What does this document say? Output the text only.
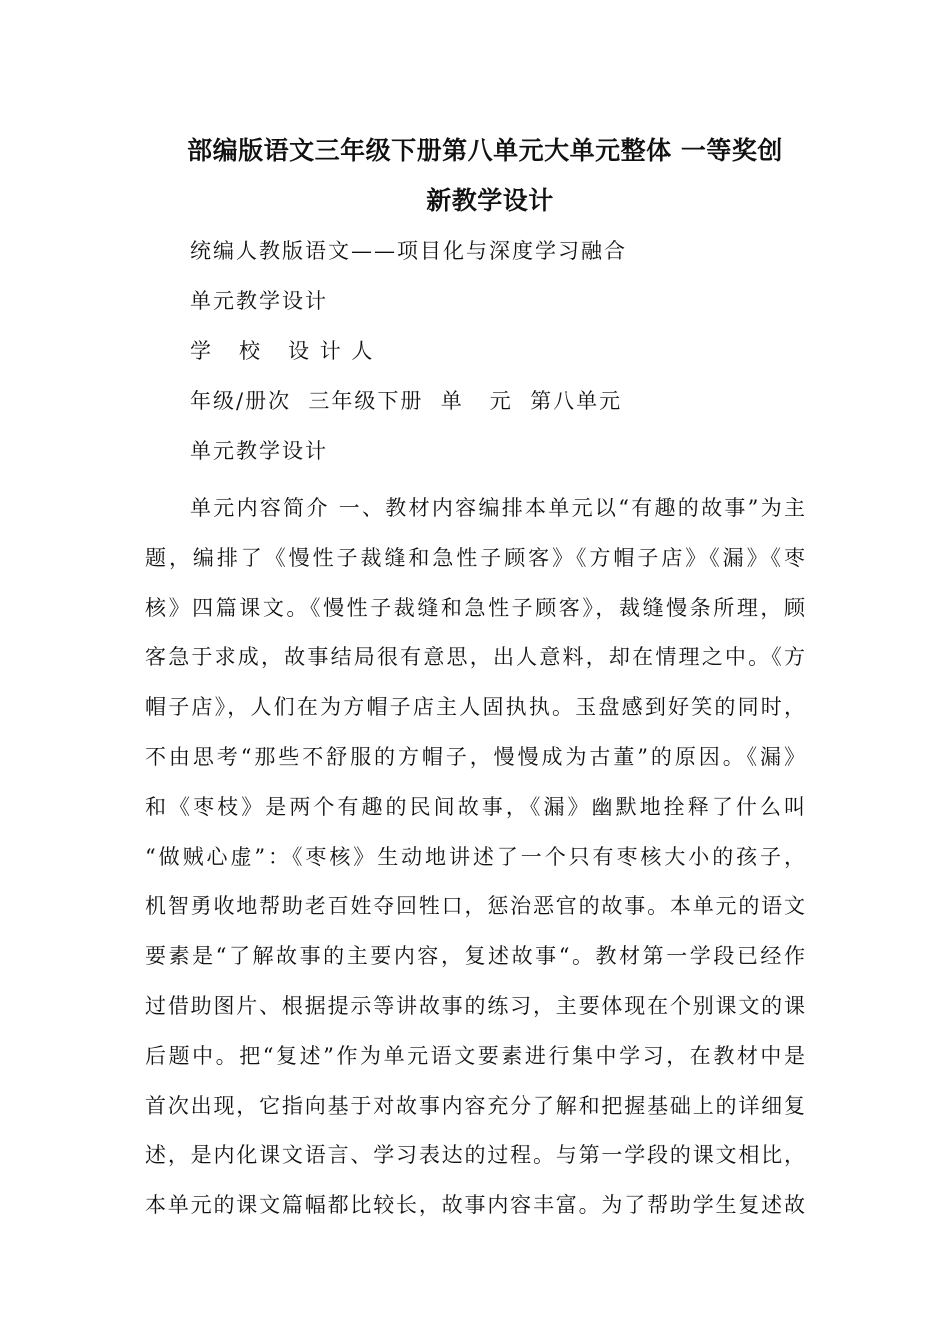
部编版语文三年级下册第八单元大单元整体 一等奖创
新教学设计
统编人教版语文——项目化与深度学习融合
单元教学设计
学   校   设 计 人
年级/册次  三年级下册  单   元  第八单元
单元教学设计
单元内容简介 一、教材内容编排本单元以“有趣的故事”为主
题，编排了《慢性子裁缝和急性子顾客》《方帽子店》《漏》《枣
核》四篇课文。《慢性子裁缝和急性子顾客》，裁缝慢条所理，顾
客急于求成，故事结局很有意思，出人意料，却在情理之中。《方
帽子店》，人们在为方帽子店主人固执执。玉盘感到好笑的同时，
不由思考“那些不舒服的方帽子，慢慢成为古董”的原因。《漏》
和《枣枝》是两个有趣的民间故事，《漏》幽默地拴释了什么叫
“做贼心虚”：《枣核》生动地讲述了一个只有枣核大小的孩子，
机智勇收地帮助老百姓夺回牲口，惩治恶官的故事。本单元的语文
要素是“了解故事的主要内容，复述故事“。教材第一学段已经作
过借助图片、根据提示等讲故事的练习，主要体现在个别课文的课
后题中。把“复述”作为单元语文要素进行集中学习，在教材中是
首次出现，它指向基于对故事内容充分了解和把握基础上的详细复
述，是内化课文语言、学习表达的过程。与第一学段的课文相比，
本单元的课文篇幅都比较长，故事内容丰富。为了帮助学生复述故
